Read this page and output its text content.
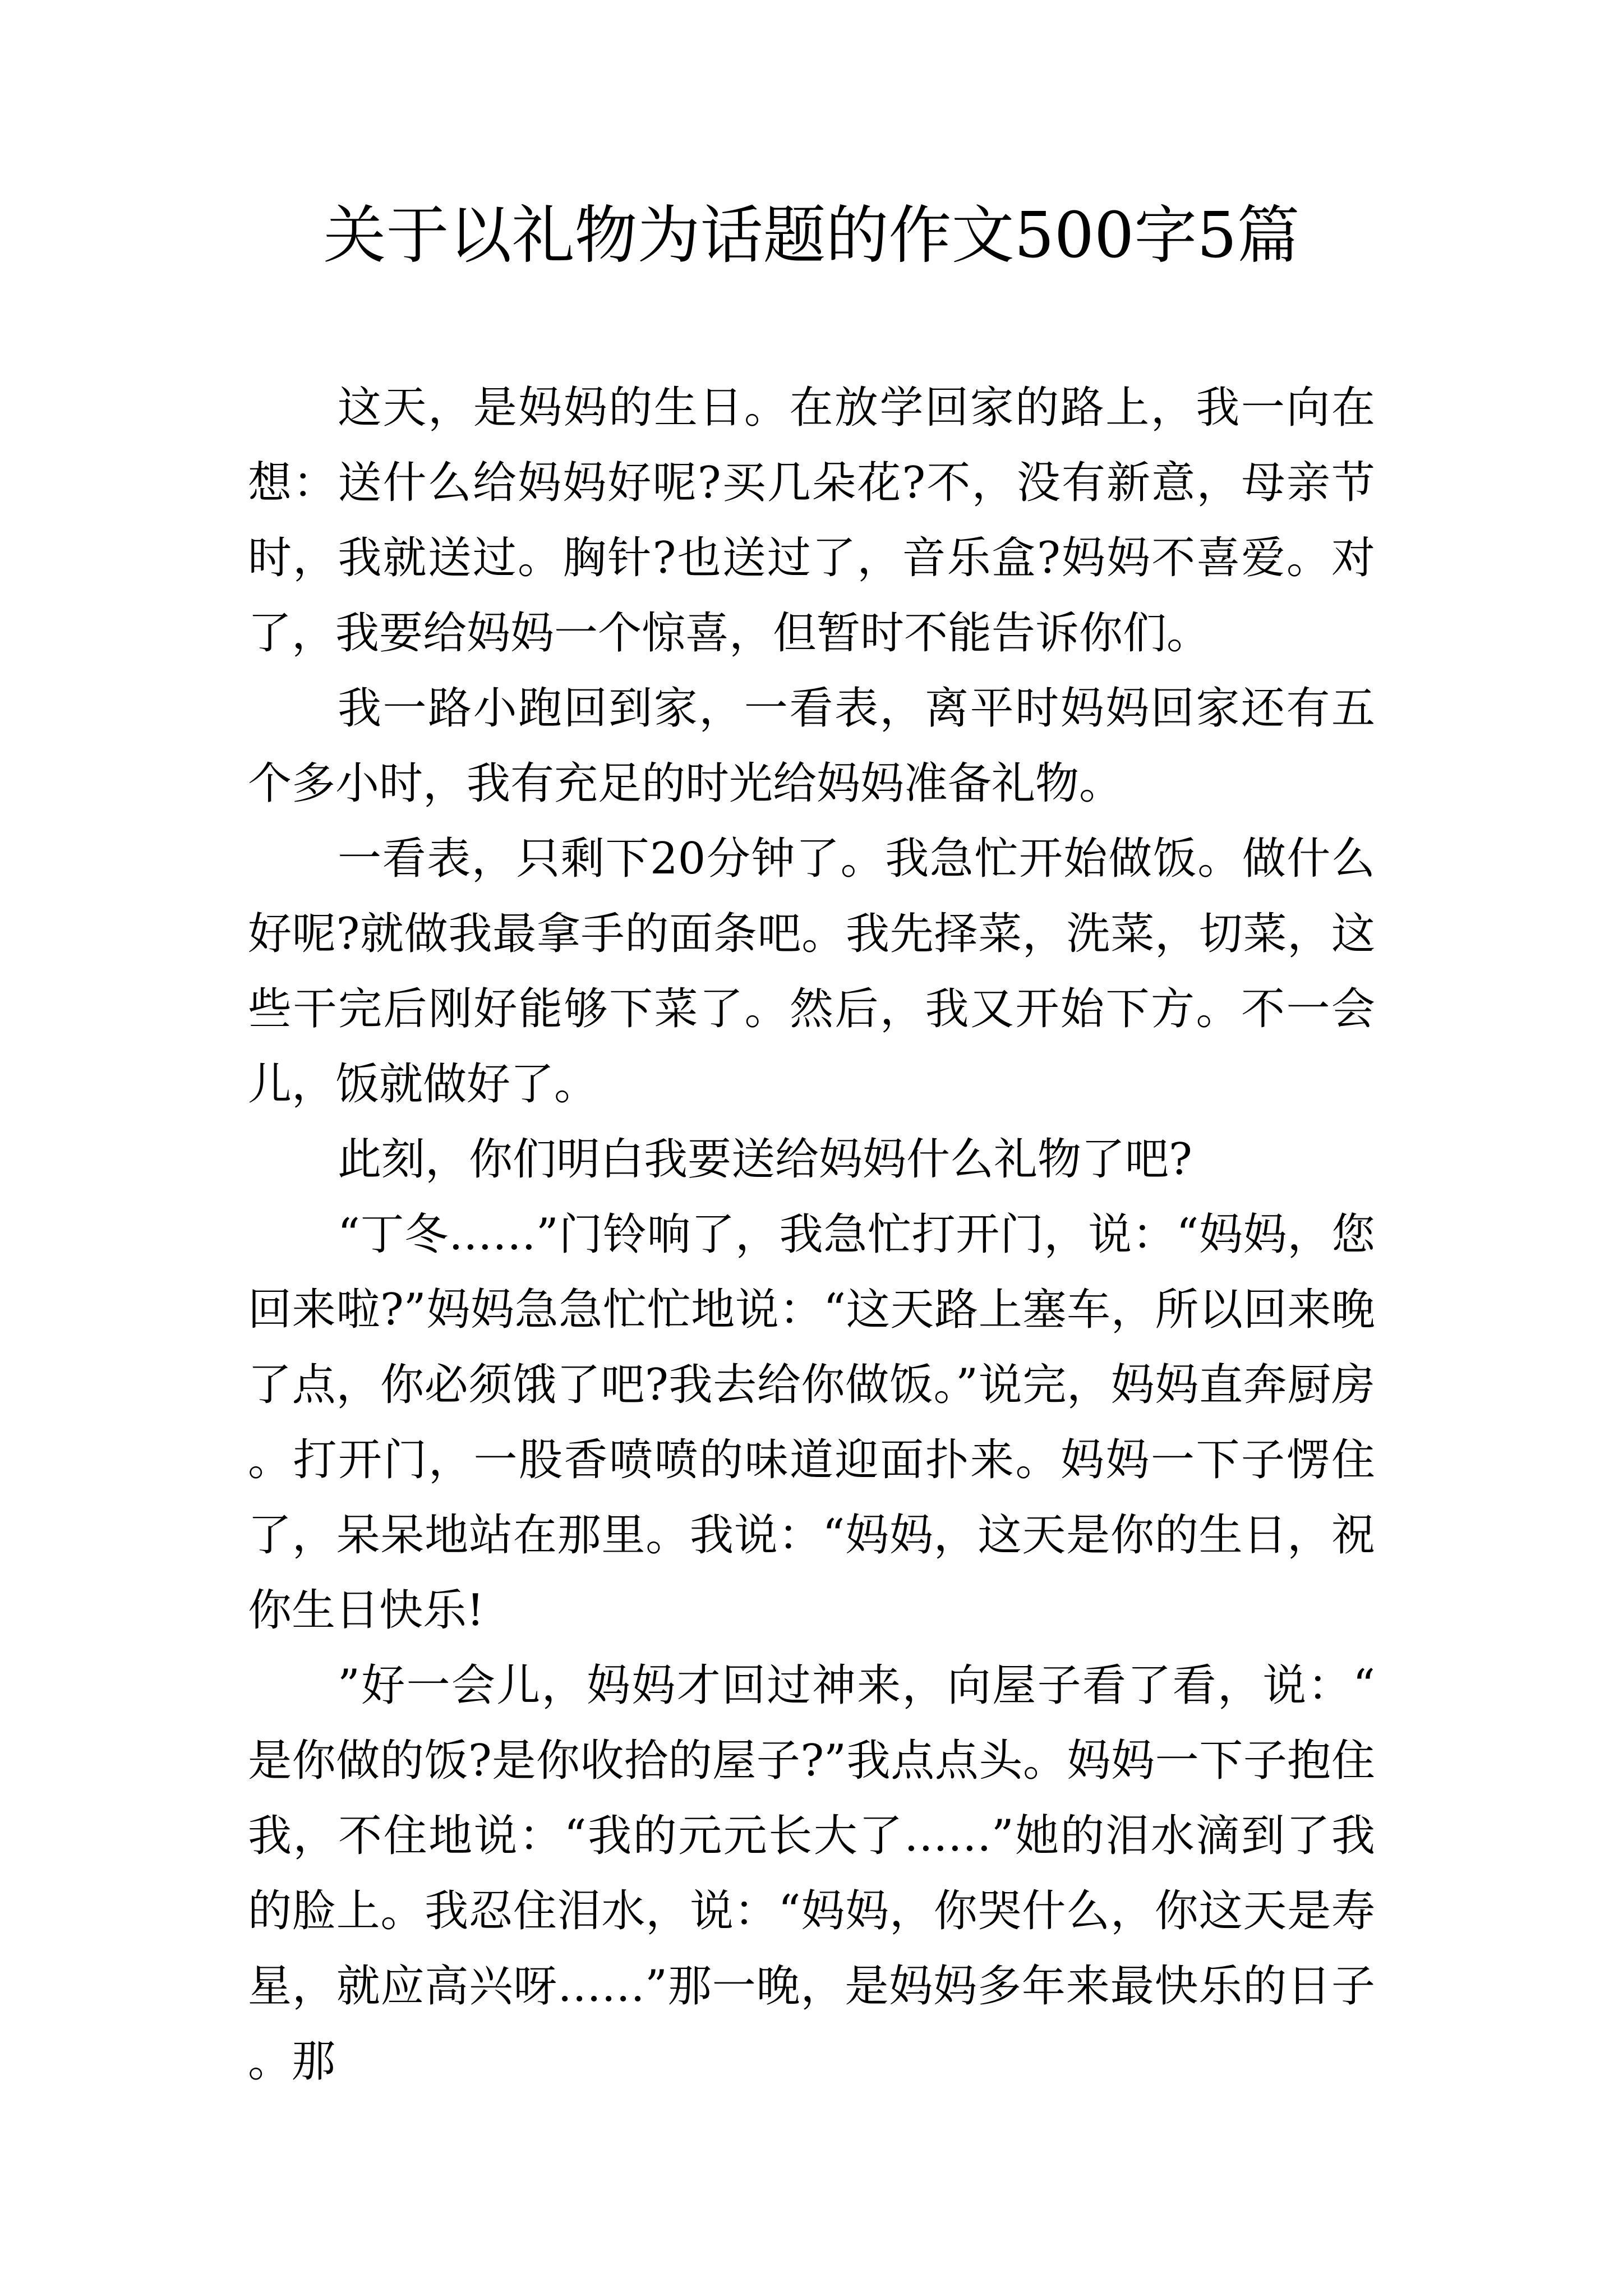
关于以礼物为话题的作文500字5篇

这天，是妈妈的生日。在放学回家的路上，我一向在想：送什么给妈妈好呢?买几朵花?不，没有新意，母亲节时，我就送过。胸针?也送过了，音乐盒?妈妈不喜爱。对了，我要给妈妈一个惊喜，但暂时不能告诉你们。

我一路小跑回到家，一看表，离平时妈妈回家还有五个多小时，我有充足的时光给妈妈准备礼物。

一看表，只剩下20分钟了。我急忙开始做饭。做什么好呢?就做我最拿手的面条吧。我先择菜，洗菜，切菜，这些干完后刚好能够下菜了。然后，我又开始下方。不一会儿，饭就做好了。

此刻，你们明白我要送给妈妈什么礼物了吧?

“丁冬……”门铃响了，我急忙打开门，说：“妈妈，您回来啦?”妈妈急急忙忙地说：“这天路上塞车，所以回来晚了点，你必须饿了吧?我去给你做饭。”说完，妈妈直奔厨房。打开门，一股香喷喷的味道迎面扑来。妈妈一下子愣住了，呆呆地站在那里。我说：“妈妈，这天是你的生日，祝你生日快乐!

”好一会儿，妈妈才回过神来，向屋子看了看，说：“是你做的饭?是你收拾的屋子?”我点点头。妈妈一下子抱住我，不住地说：“我的元元长大了……”她的泪水滴到了我的脸上。我忍住泪水，说：“妈妈，你哭什么，你这天是寿星，就应高兴呀……”那一晚，是妈妈多年来最快乐的日子。那
